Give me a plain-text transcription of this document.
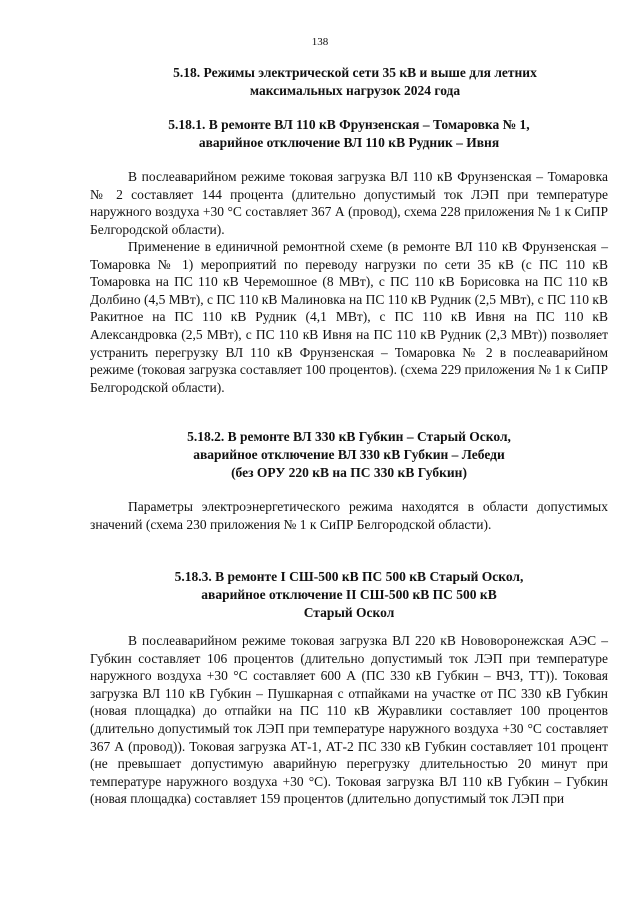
138
5.18. Режимы электрической сети 35 кВ и выше для летних
максимальных нагрузок 2024 года
5.18.1. В ремонте ВЛ 110 кВ Фрунзенская – Томаровка № 1,
аварийное отключение ВЛ 110 кВ Рудник – Ивня

В послеаварийном режиме токовая загрузка ВЛ 110 кВ Фрунзенская – Томаровка № 2 составляет 144 процента (длительно допустимый ток ЛЭП при температуре наружного воздуха +30 °С составляет 367 А (провод), схема 228 приложения № 1 к СиПР Белгородской области).

Применение в единичной ремонтной схеме (в ремонте ВЛ 110 кВ Фрунзенская – Томаровка № 1) мероприятий по переводу нагрузки по сети 35 кВ (с ПС 110 кВ Томаровка на ПС 110 кВ Черемошное (8 МВт), с ПС 110 кВ Борисовка на ПС 110 кВ Долбино (4,5 МВт), с ПС 110 кВ Малиновка на ПС 110 кВ Рудник (2,5 МВт), с ПС 110 кВ Ракитное на ПС 110 кВ Рудник (4,1 МВт), с ПС 110 кВ Ивня на ПС 110 кВ Александровка (2,5 МВт), с ПС 110 кВ Ивня на ПС 110 кВ Рудник (2,3 МВт)) позволяет устранить перегрузку ВЛ 110 кВ Фрунзенская – Томаровка № 2 в послеаварийном режиме (токовая загрузка составляет 100 процентов). (схема 229 приложения № 1 к СиПР Белгородской области).

5.18.2. В ремонте ВЛ 330 кВ Губкин – Старый Оскол,
аварийное отключение ВЛ 330 кВ Губкин – Лебеди
(без ОРУ 220 кВ на ПС 330 кВ Губкин)

Параметры электроэнергетического режима находятся в области допустимых значений (схема 230 приложения № 1 к СиПР Белгородской области).

5.18.3. В ремонте I СШ-500 кВ ПС 500 кВ Старый Оскол,
аварийное отключение II СШ-500 кВ ПС 500 кВ
Старый Оскол

В послеаварийном режиме токовая загрузка ВЛ 220 кВ Нововоронежская АЭС – Губкин составляет 106 процентов (длительно допустимый ток ЛЭП при температуре наружного воздуха +30 °С составляет 600 А (ПС 330 кВ Губкин – ВЧЗ, ТТ)). Токовая загрузка ВЛ 110 кВ Губкин – Пушкарная с отпайками на участке от ПС 330 кВ Губкин (новая площадка) до отпайки на ПС 110 кВ Журавлики составляет 100 процентов (длительно допустимый ток ЛЭП при температуре наружного воздуха +30 °С составляет 367 А (провод)). Токовая загрузка АТ-1, АТ-2 ПС 330 кВ Губкин составляет 101 процент (не превышает допустимую аварийную перегрузку длительностью 20 минут при температуре наружного воздуха +30 °С). Токовая загрузка ВЛ 110 кВ Губкин – Губкин (новая площадка) составляет 159 процентов (длительно допустимый ток ЛЭП при
